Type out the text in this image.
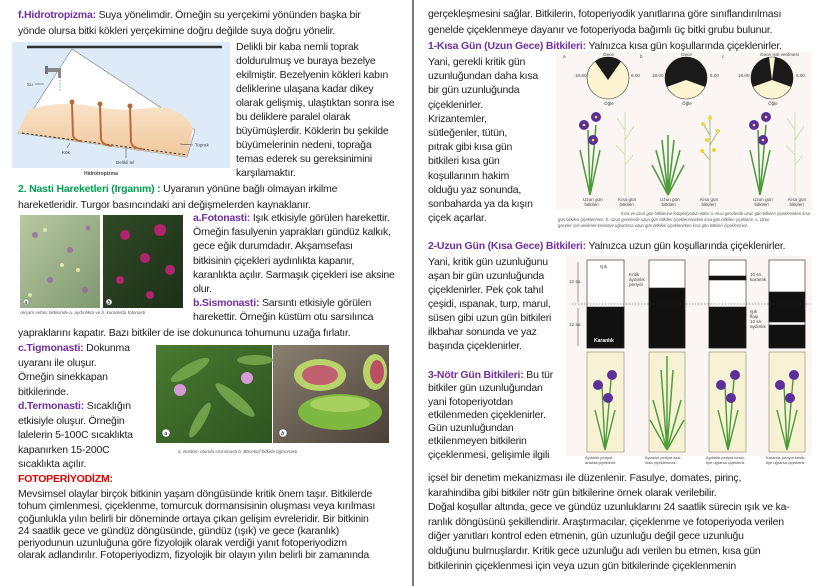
Su
Kök
Delikli tel
Toprak
Hidrotropizma
a	b
Akşam sefası bitkisinde a. aydınlıkta ve b. karanlıkta fotonasti
a	b
a. Küstüm otunda sismonasti b. Böcekçil bitkide tigmonasti
a	b	c
Gece	Gece	Gece ışık verilmesi
18.00	6.00	18.00	6.00	18.00	6.00
Öğle	Öğle	Öğle
Uzun gün
bitkileri
Kısa gün
bitkileri
Uzun gün
bitkileri
Kısa gün
bitkileri
Uzun gün
bitkileri
Kısa gün
bitkileri
Kısa ve uzun gün bitkilerine fotoperiyodun etkisi a. Kısa gecelerde uzun gün bitkileri çiçeklenirken kısa
gün bitkileri çiçeklenmez. b. Uzun gecelerde uzun gün bitkileri çiçeklenmezken kısa gün bitkileri çiçeklenir. c. Uzun
geceler ışık verilerek kesintiye uğratılırsa uzun gün bitkileri çiçeklenirken kısa gün bitkileri çiçeklenmez.
Işık
12 sa.
12 sa.
Karanlık
Kritik
aydınlık
periyot
10 sn.
karanlık
Işık
flaşı
10 sn.
aydınlık
Aydınlık periyot
artarsa çiçeklenir.
Aydınlık periyot aza-
lırsa çiçeklenmez.
Aydınlık periyot kesin-
tiye uğrarsa çiçeklenir.
Karanlık periyot kesin-
tiye uğrarsa çiçeklenir.
f.Hidrotropizma: Suya yönelimdir. Örneğin su yerçekimi yönünden başka bir
yönde olursa bitki kökleri yerçekimine doğru değilde suya doğru yönelir.
Delikli bir kaba nemli toprak
doldurulmuş ve buraya bezelye
ekilmiştir. Bezelyenin kökleri kabın
deliklerine ulaşana kadar dikey
olarak gelişmiş, ulaştıktan sonra ise
bu deliklere paralel olarak
büyümüşlerdir. Köklerin bu şekilde
büyümelerinin nedeni, toprağa
temas ederek su gereksinimini
karşılamaktır.
2. Nasti Hareketleri (Irganım) : Uyaranın yönüne bağlı olmayan irkilme
hareketleridir. Turgor basıncındaki ani değişmelerden kaynaklanır.
a.Fotonasti: Işık etkisiyle görülen harekettir.
Örneğin fasulyenin yaprakları gündüz kalkık,
gece eğik durumdadır. Akşamsefası
bitkisinin çiçekleri aydınlıkta kapanır,
karanlıkta açılır. Sarmaşık çiçekleri ise aksine
olur.
b.Sismonasti: Sarsıntı etkisiyle görülen
harekettir. Örneğin küstüm otu sarsılınca
yapraklarını kapatır. Bazı bitkiler de ise dokununca tohumunu uzağa fırlatır.
c.Tigmonasti: Dokunma
uyaranı ile oluşur.
Örneğin sinekkapan
bitkilerinde.
d.Termonasti: Sıcaklığın
etkisiyle oluşur. Örneğin
lalelerin 5-100C sıcaklıkta
kapanırken 15-200C
sıcaklıkta açılır.
FOTOPERİYODİZM:
Mevsimsel olaylar birçok bitkinin yaşam döngüsünde kritik önem taşır. Bitkilerde
tohum çimlenmesi, çiçeklenme, tomurcuk dormansisinin oluşması veya kırılması
çoğunlukla yılın belirli bir döneminde ortaya çıkan gelişim evreleridir. Bir bitkinin
24 saatlik gece ve gündüz döngüsünde, gündüz (ışık) ve gece (karanlık)
periyodunun uzunluğuna göre fizyolojik olarak verdiği yanıt fotoperiyodizm
olarak adlandırılır. Fotoperiyodizm, fizyolojik bir olayın yılın belirli bir zamanında
gerçekleşmesini sağlar. Bitkilerin, fotoperiyodik yanıtlarına göre sınıflandırılması
genelde çiçeklenmeye dayanır ve fotoperiyoda bağımlı üç bitki grubu bulunur.
1-Kısa Gün (Uzun Gece) Bitkileri: Yalnızca kısa gün koşullarında çiçeklenirler.
Yani, gerekli kritik gün
uzunluğundan daha kısa
bir gün uzunluğunda
çiçeklenirler.
Krizantemler,
sütleğenler, tütün,
pıtrak gibi kısa gün
bitkileri kısa gün
koşullarının hakim
olduğu yaz sonunda,
sonbaharda ya da kışın
çiçek açarlar.
2-Uzun Gün (Kısa Gece) Bitkileri: Yalnızca uzun gün koşullarında çiçeklenirler.
Yani, kritik gün uzunluğunu
aşan bir gün uzunluğunda
çiçeklenirler. Pek çok tahıl
çeşidi, ıspanak, turp, marul,
süsen gibi uzun gün bitkileri
ilkbahar sonunda ve yaz
başında çiçeklenirler.
3-Nötr Gün Bitkileri: Bu tür
bitkiler gün uzunluğundan
yani fotoperiyotdan
etkilenmeden çiçeklenirler.
Gün uzunluğundan
etkilenmeyen bitkilerin
çiçeklenmesi, gelişimle ilgili
içsel bir denetim mekanizması ile düzenlenir. Fasulye, domates, pirinç,
karahindiba gibi bitkiler nötr gün bitkilerine örnek olarak verilebilir.
Doğal koşullar altında, gece ve gündüz uzunluklarını 24 saatlik sürecin ışık ve ka-
ranlık döngüsünü şekillendirir. Araştırmacılar, çiçeklenme ve fotoperiyoda verilen
diğer yanıtları kontrol eden etmenin, gün uzunluğu değil gece uzunluğu
olduğunu bulmuşlardır. Kritik gece uzunluğu adı verilen bu etmen, kısa gün
bitkilerinin çiçeklenmesi için veya uzun gün bitkilerinde çiçeklenmenin
